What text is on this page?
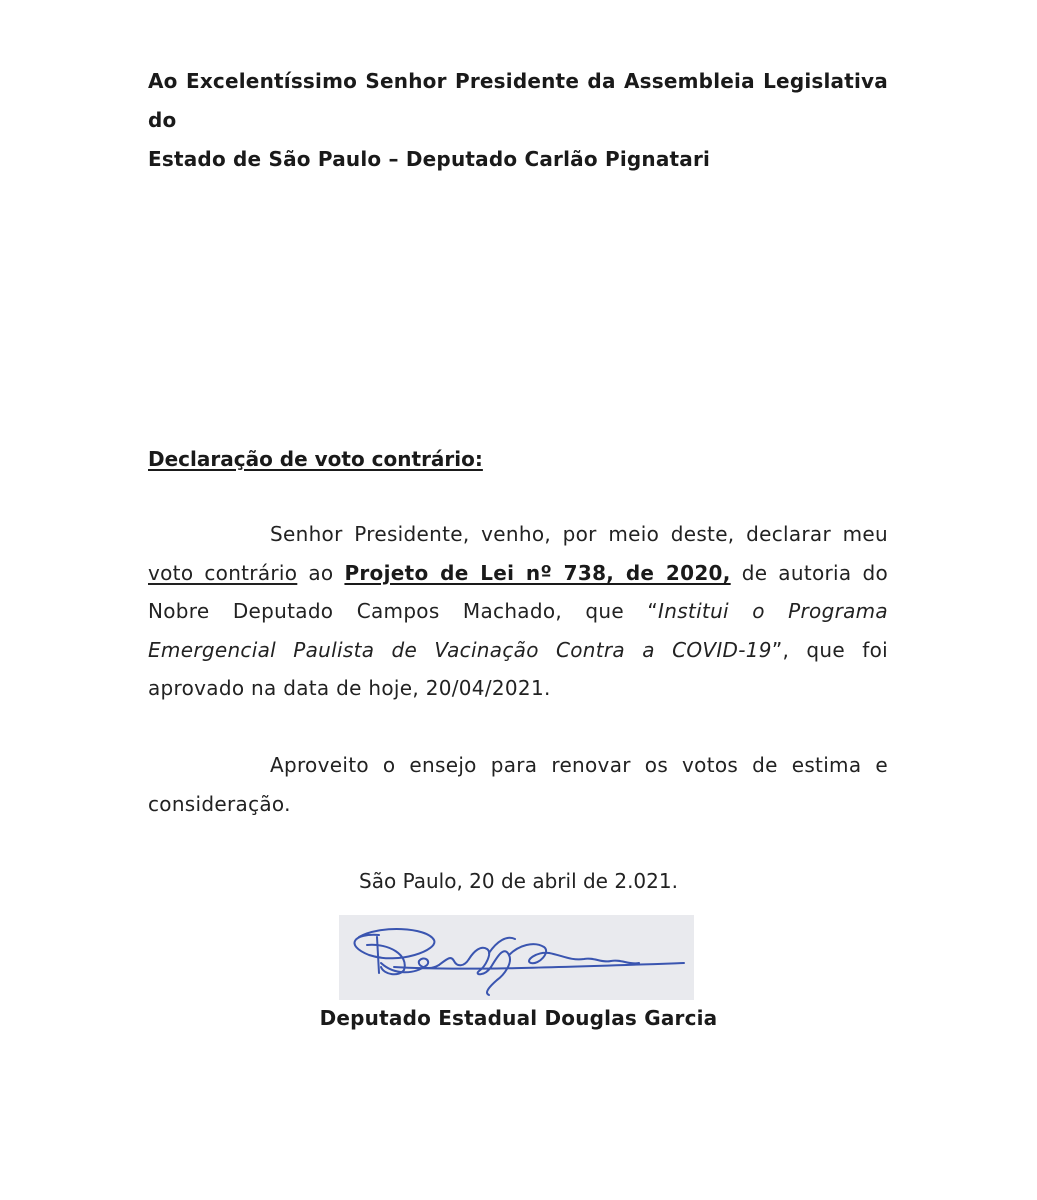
Ao Excelentíssimo Senhor Presidente da Assembleia Legislativa do
Estado de São Paulo – Deputado Carlão Pignatari
Declaração de voto contrário:
Senhor Presidente, venho, por meio deste, declarar meu voto contrário ao Projeto de Lei nº 738, de 2020, de autoria do Nobre Deputado Campos Machado, que “Institui o Programa Emergencial Paulista de Vacinação Contra a COVID-19”, que foi aprovado na data de hoje, 20/04/2021.
Aproveito o ensejo para renovar os votos de estima e consideração.
São Paulo, 20 de abril de 2.021.
Deputado Estadual Douglas Garcia
